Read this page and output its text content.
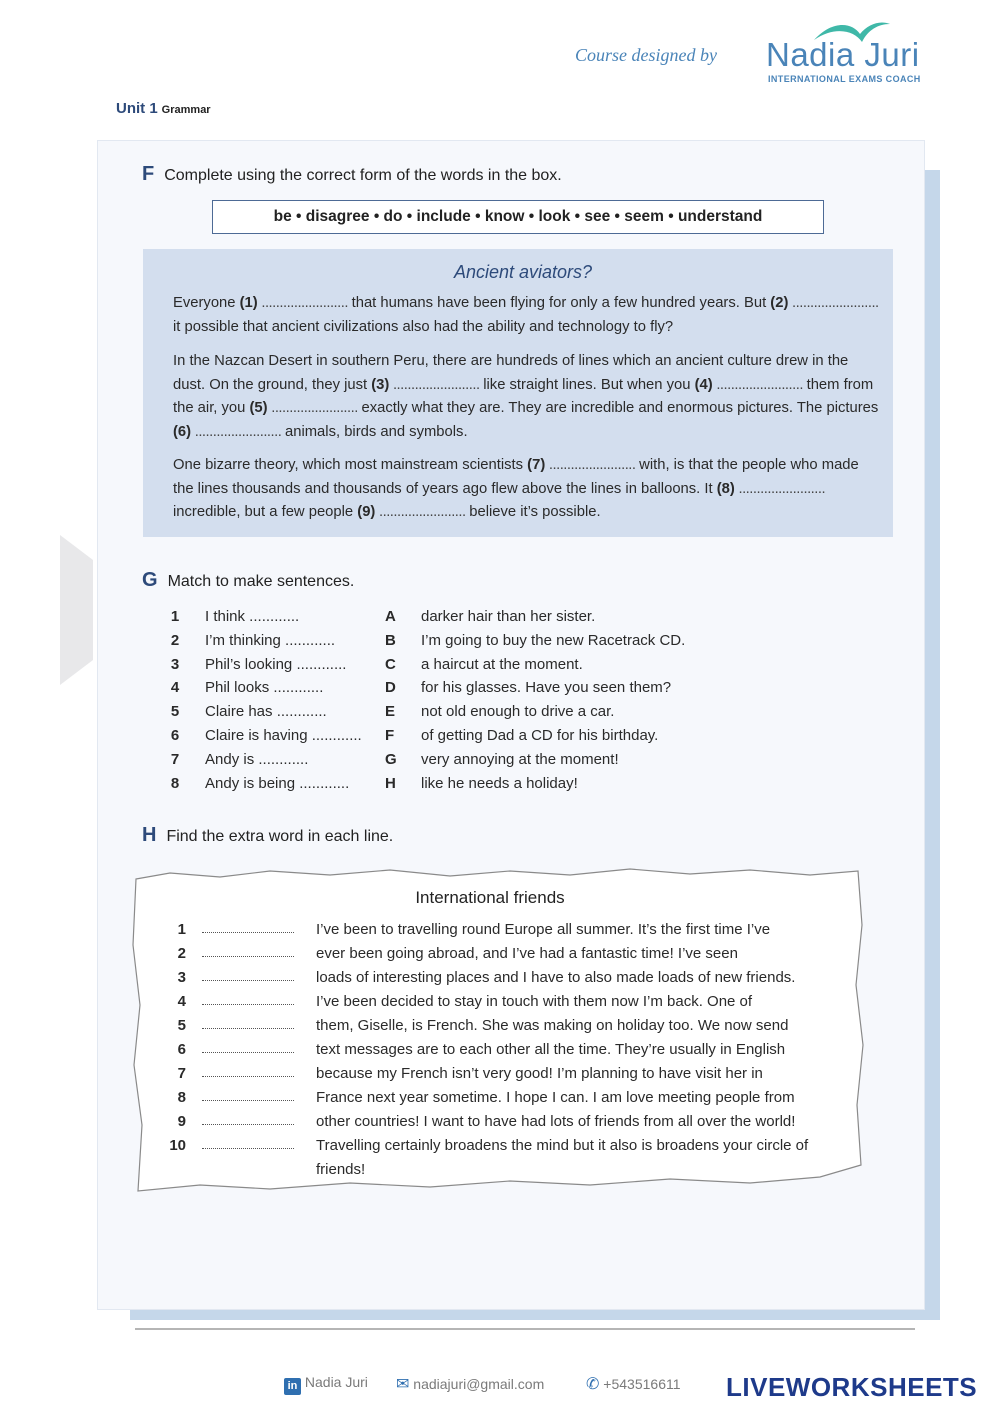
Course designed by Nadia Juri
INTERNATIONAL EXAMS COACH
Unit 1 Grammar
F Complete using the correct form of the words in the box.
be • disagree • do • include • know • look • see • seem • understand
Ancient aviators?
Everyone (1) ........................ that humans have been flying for only a few hundred years. But (2) ........................ it possible that ancient civilizations also had the ability and technology to fly?
In the Nazcan Desert in southern Peru, there are hundreds of lines which an ancient culture drew in the dust. On the ground, they just (3) ........................ like straight lines. But when you (4) ........................ them from the air, you (5) ........................ exactly what they are. They are incredible and enormous pictures. The pictures (6) ........................ animals, birds and symbols.
One bizarre theory, which most mainstream scientists (7) ........................ with, is that the people who made the lines thousands and thousands of years ago flew above the lines in balloons. It (8) ........................ incredible, but a few people (9) ........................ believe it’s possible.
G Match to make sentences.
1 I think ............	A darker hair than her sister.
2 I’m thinking ............	B I’m going to buy the new Racetrack CD.
3 Phil’s looking ............	C a haircut at the moment.
4 Phil looks ............	D for his glasses. Have you seen them?
5 Claire has ............	E not old enough to drive a car.
6 Claire is having ............ F of getting Dad a CD for his birthday.
7 Andy is ............	G very annoying at the moment!
8 Andy is being ............ H like he needs a holiday!
H Find the extra word in each line.
International friends
1	I’ve been to travelling round Europe all summer. It’s the first time I’ve
2	ever been going abroad, and I’ve had a fantastic time! I’ve seen
3	loads of interesting places and I have to also made loads of new friends.
4	I’ve been decided to stay in touch with them now I’m back. One of
5	them, Giselle, is French. She was making on holiday too. We now send
6	text messages are to each other all the time. They’re usually in English
7	because my French isn’t very good! I’m planning to have visit her in
8	France next year sometime. I hope I can. I am love meeting people from
9	other countries! I want to have had lots of friends from all over the world!
10	Travelling certainly broadens the mind but it also is broadens your circle of
friends!
in Nadia Juri ✉ nadiajuri@gmail.com	✆ +543516611 LIVEWORKSHEETS
